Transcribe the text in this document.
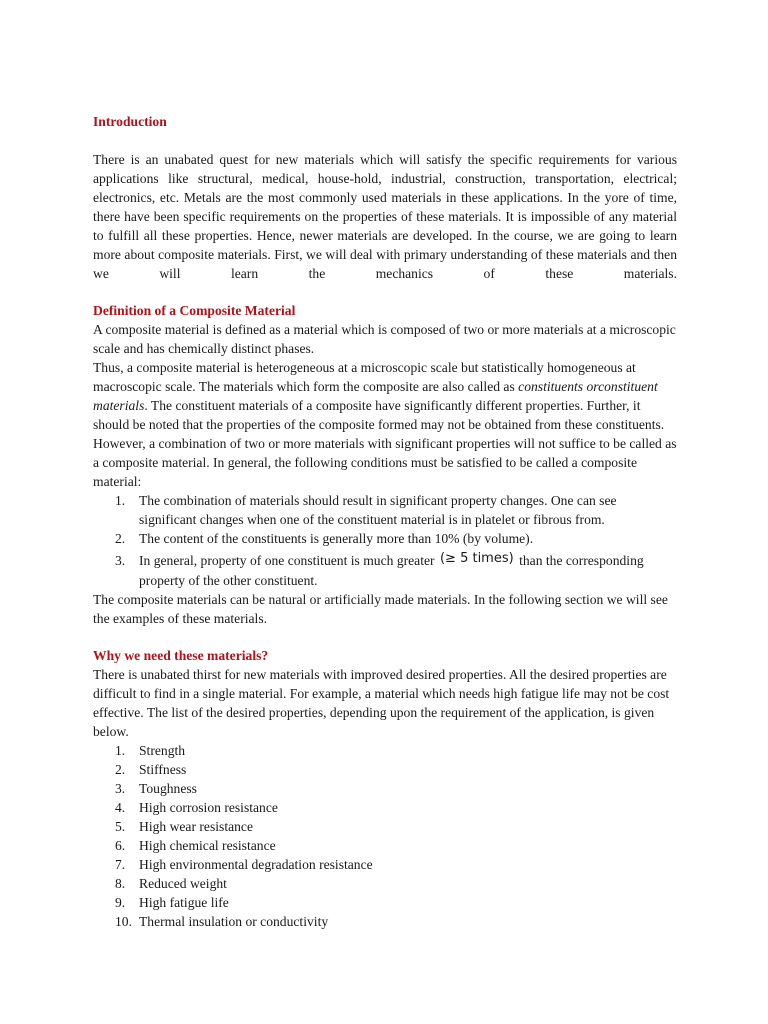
Introduction

There is an unabated quest for new materials which will satisfy the specific requirements for various applications like structural, medical, house-hold, industrial, construction, transportation, electrical; electronics, etc. Metals are the most commonly used materials in these applications. In the yore of time, there have been specific requirements on the properties of these materials. It is impossible of any material to fulfill all these properties. Hence, newer materials are developed. In the course, we are going to learn more about composite materials. First, we will deal with primary understanding of these materials and then we will learn the mechanics of these materials.

Definition of a Composite Material

A composite material is defined as a material which is composed of two or more materials at a microscopic scale and has chemically distinct phases.

Thus, a composite material is heterogeneous at a microscopic scale but statistically homogeneous at macroscopic scale. The materials which form the composite are also called as constituents orconstituent materials. The constituent materials of a composite have significantly different properties. Further, it should be noted that the properties of the composite formed may not be obtained from these constituents. However, a combination of two or more materials with significant properties will not suffice to be called as a composite material. In general, the following conditions must be satisfied to be called a composite material:

1. The combination of materials should result in significant property changes. One can see significant changes when one of the constituent material is in platelet or fibrous from.
2. The content of the constituents is generally more than 10% (by volume).
3. In general, property of one constituent is much greater (≥ 5 times) than the corresponding property of the other constituent.

The composite materials can be natural or artificially made materials. In the following section we will see the examples of these materials.

Why we need these materials?

There is unabated thirst for new materials with improved desired properties. All the desired properties are difficult to find in a single material. For example, a material which needs high fatigue life may not be cost effective. The list of the desired properties, depending upon the requirement of the application, is given below.

1. Strength
2. Stiffness
3. Toughness
4. High corrosion resistance
5. High wear resistance
6. High chemical resistance
7. High environmental degradation resistance
8. Reduced weight
9. High fatigue life
10. Thermal insulation or conductivity
